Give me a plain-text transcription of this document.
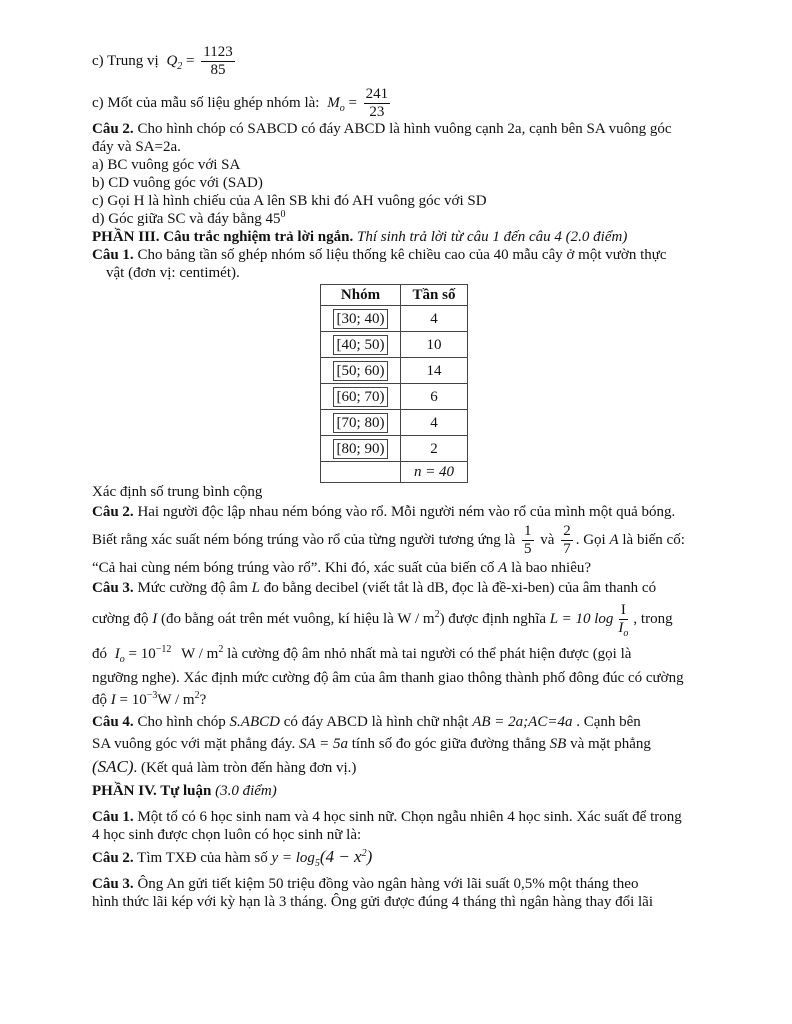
c) Trung vị $Q_2 = \frac{1123}{85}$
c) Mốt của mẫu số liệu ghép nhóm là: $M_o = \frac{241}{23}$
Câu 2. Cho hình chóp có SABCD có đáy ABCD là hình vuông cạnh 2a, cạnh bên SA vuông góc
đáy và SA=2a.
a) BC vuông góc với SA
b) CD vuông góc với (SAD)
c) Gọi H là hình chiếu của A lên SB khi đó AH vuông góc với SD
d) Góc giữa SC và đáy bằng $45^0$
PHẦN III. Câu trắc nghiệm trả lời ngắn. Thí sinh trả lời từ câu 1 đến câu 4 (2.0 điểm)
Câu 1. Cho bảng tần số ghép nhóm số liệu thống kê chiều cao của 40 mẫu cây ở một vườn thực
vật (đơn vị: centimét).
Nhóm	Tần số
[30; 40)	4
[40; 50)	10
[50; 60)	14
[60; 70)	6
[70; 80)	4
[80; 90)	2
	n = 40
Xác định số trung bình cộng
Câu 2. Hai người độc lập nhau ném bóng vào rổ. Mỗi người ném vào rổ của mình một quả bóng.
Biết rằng xác suất ném bóng trúng vào rổ của từng người tương ứng là $\frac{1}{5}$ và $\frac{2}{7}$ . Gọi A là biến cố:
“Cả hai cùng ném bóng trúng vào rổ”. Khi đó, xác suất của biến cố A là bao nhiêu?
Câu 3. Mức cường độ âm L đo bằng decibel (viết tắt là dB, đọc là đề-xi-ben) của âm thanh có
cường độ I (đo bằng oát trên mét vuông, kí hiệu là W / $m^2$) được định nghĩa L = 10 $\log \frac{I}{I_o}$ , trong
đó $I_o = 10^{-12}$ W / $m^2$ là cường độ âm nhỏ nhất mà tai người có thể phát hiện được (gọi là
ngưỡng nghe). Xác định mức cường độ âm của âm thanh giao thông thành phố đông đúc có cường
độ $I = 10^{-3}W / m^2$?
Câu 4. Cho hình chóp S.ABCD có đáy ABCD là hình chữ nhật AB = 2a;AC=4a . Cạnh bên
SA vuông góc với mặt phẳng đáy. SA = 5a tính số đo góc giữa đường thẳng SB và mặt phẳng
(SAC). (Kết quả làm tròn đến hàng đơn vị.)
PHẦN IV. Tự luận (3.0 điểm)
Câu 1. Một tổ có 6 học sinh nam và 4 học sinh nữ. Chọn ngẫu nhiên 4 học sinh. Xác suất để trong
4 học sinh được chọn luôn có học sinh nữ là:
Câu 2. Tìm TXĐ của hàm số $y = \log_5(4 - x^2)$
Câu 3. Ông An gửi tiết kiệm 50 triệu đồng vào ngân hàng với lãi suất 0,5% một tháng theo
hình thức lãi kép với kỳ hạn là 3 tháng. Ông gửi được đúng 4 tháng thì ngân hàng thay đổi lãi
